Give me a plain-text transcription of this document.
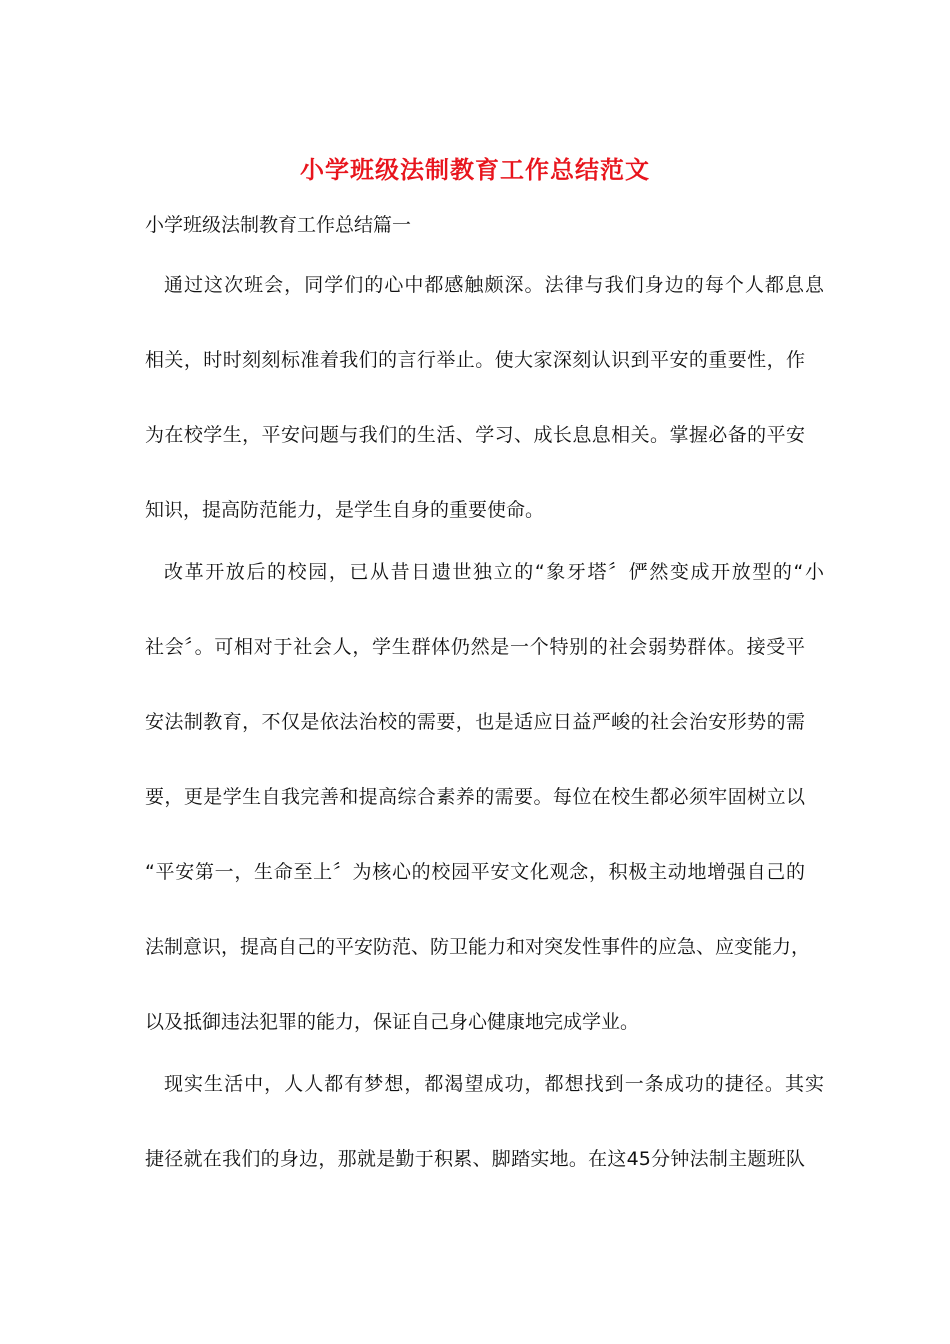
小学班级法制教育工作总结范文
小学班级法制教育工作总结篇一
通过这次班会，同学们的心中都感触颇深。法律与我们身边的每个人都息息
相关，时时刻刻标准着我们的言行举止。使大家深刻认识到平安的重要性，作
为在校学生，平安问题与我们的生活、学习、成长息息相关。掌握必备的平安
知识，提高防范能力，是学生自身的重要使命。
改革开放后的校园，已从昔日遗世独立的“象牙塔〞俨然变成开放型的“小
社会〞。可相对于社会人，学生群体仍然是一个特别的社会弱势群体。接受平
安法制教育，不仅是依法治校的需要，也是适应日益严峻的社会治安形势的需
要，更是学生自我完善和提高综合素养的需要。每位在校生都必须牢固树立以
“平安第一，生命至上〞为核心的校园平安文化观念，积极主动地增强自己的
法制意识，提高自己的平安防范、防卫能力和对突发性事件的应急、应变能力，
以及抵御违法犯罪的能力，保证自己身心健康地完成学业。
现实生活中，人人都有梦想，都渴望成功，都想找到一条成功的捷径。其实
捷径就在我们的身边，那就是勤于积累、脚踏实地。在这45分钟法制主题班队
